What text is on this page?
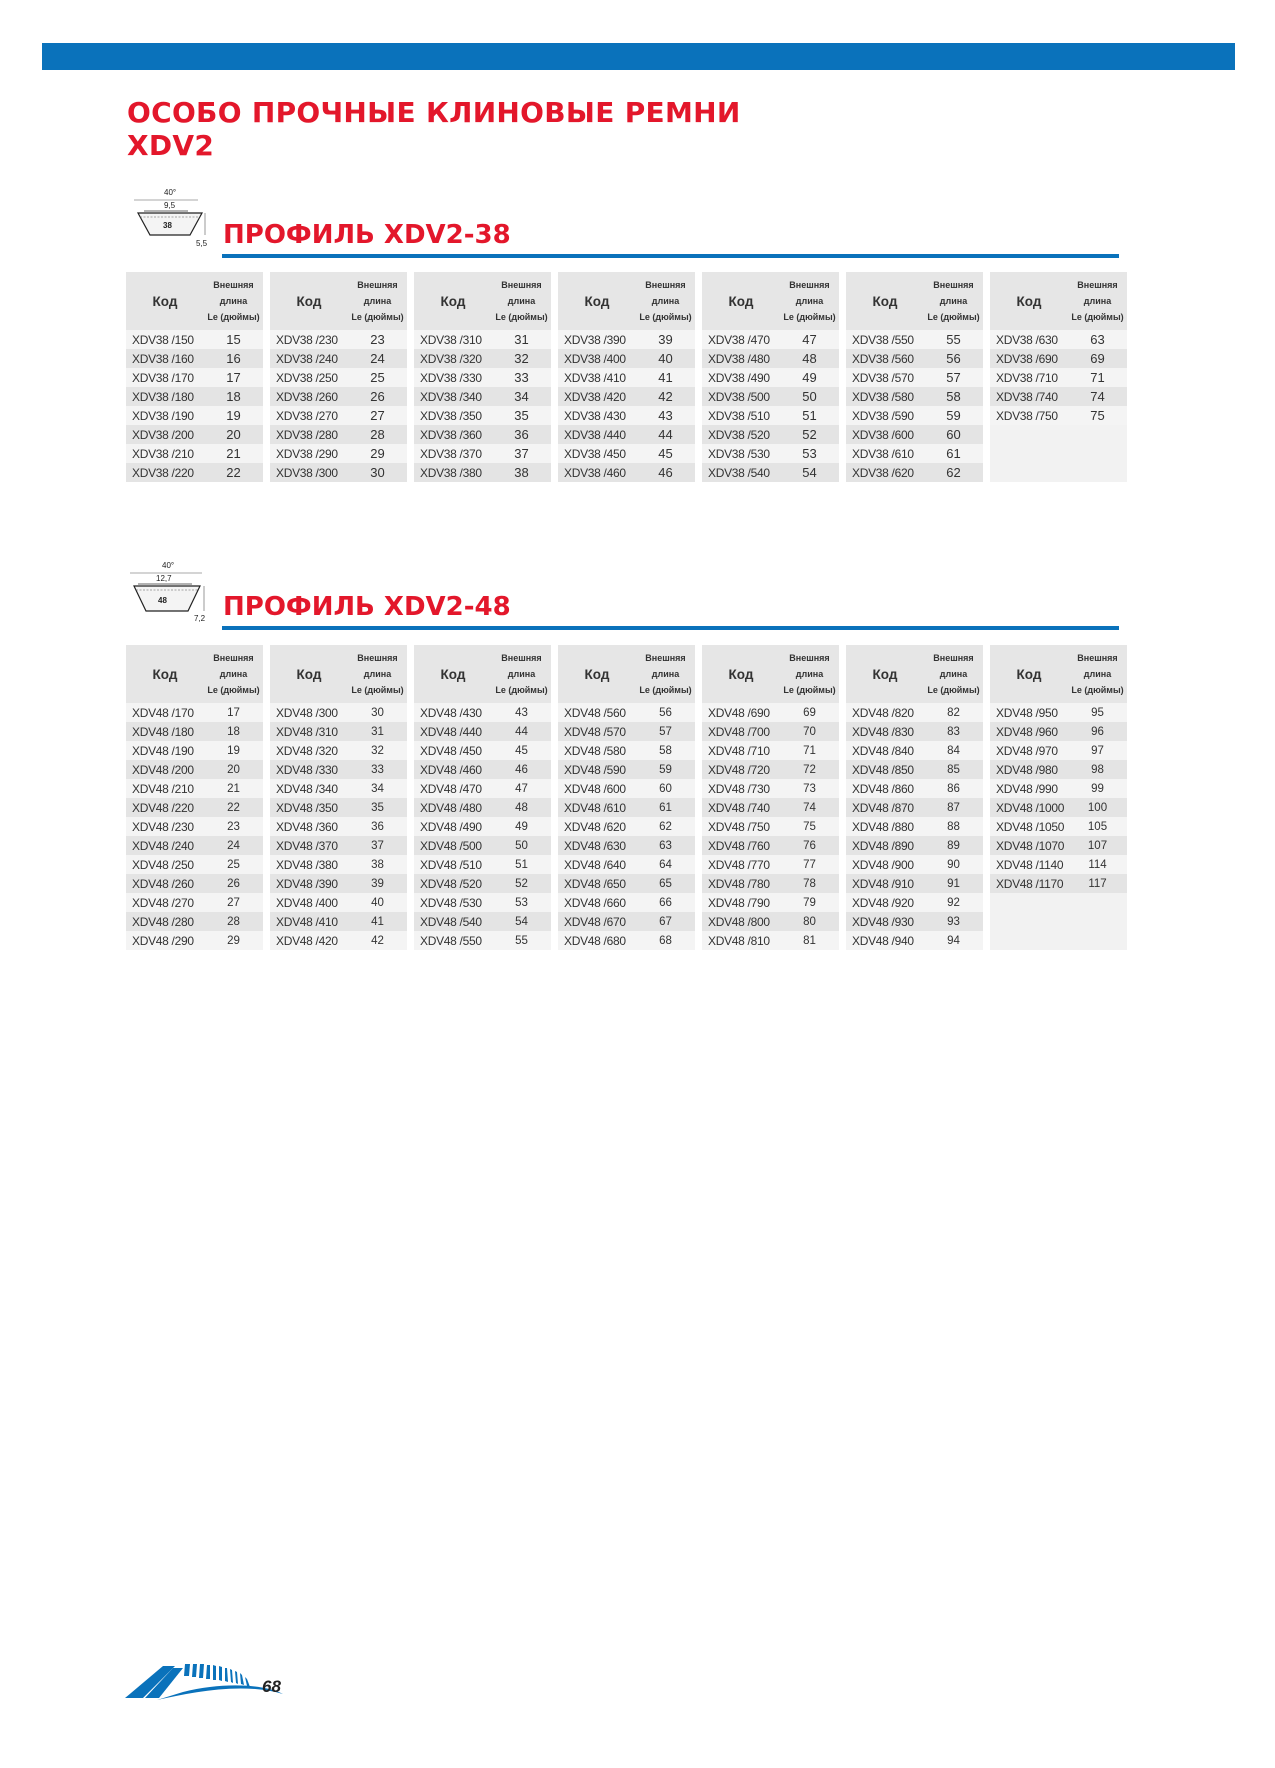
ОСОБО ПРОЧНЫЕ КЛИНОВЫЕ РЕМНИ
XDV2
40°
9,5
38
5,5 ПРОФИЛЬ XDV2-38
Код
Внешняя
длина
Le (дюймы)
XDV38 /150	15
XDV38 /160	16
XDV38 /170	17
XDV38 /180	18
XDV38 /190	19
XDV38 /200	20
XDV38 /210	21
XDV38 /220	22
Код
Внешняя
длина
Le (дюймы)
XDV38 /230	23
XDV38 /240	24
XDV38 /250	25
XDV38 /260	26
XDV38 /270	27
XDV38 /280	28
XDV38 /290	29
XDV38 /300	30
Код
Внешняя
длина
Le (дюймы)
XDV38 /310	31
XDV38 /320	32
XDV38 /330	33
XDV38 /340	34
XDV38 /350	35
XDV38 /360	36
XDV38 /370	37
XDV38 /380	38
Код
Внешняя
длина
Le (дюймы)
XDV38 /390	39
XDV38 /400	40
XDV38 /410	41
XDV38 /420	42
XDV38 /430	43
XDV38 /440	44
XDV38 /450	45
XDV38 /460	46
Код
Внешняя
длина
Le (дюймы)
XDV38 /470	47
XDV38 /480	48
XDV38 /490	49
XDV38 /500	50
XDV38 /510	51
XDV38 /520	52
XDV38 /530	53
XDV38 /540	54
Код
Внешняя
длина
Le (дюймы)
XDV38 /550	55
XDV38 /560	56
XDV38 /570	57
XDV38 /580	58
XDV38 /590	59
XDV38 /600	60
XDV38 /610	61
XDV38 /620	62
Код
Внешняя
длина
Le (дюймы)
XDV38 /630	63
XDV38 /690	69
XDV38 /710	71
XDV38 /740	74
XDV38 /750	75
40°
12,7
48
7,2 ПРОФИЛЬ XDV2-48
Код
Внешняя
длина
Le (дюймы)
XDV48 /170	17
XDV48 /180	18
XDV48 /190	19
XDV48 /200	20
XDV48 /210	21
XDV48 /220	22
XDV48 /230	23
XDV48 /240	24
XDV48 /250	25
XDV48 /260	26
XDV48 /270	27
XDV48 /280	28
XDV48 /290	29
Код
Внешняя
длина
Le (дюймы)
XDV48 /300	30
XDV48 /310	31
XDV48 /320	32
XDV48 /330	33
XDV48 /340	34
XDV48 /350	35
XDV48 /360	36
XDV48 /370	37
XDV48 /380	38
XDV48 /390	39
XDV48 /400	40
XDV48 /410	41
XDV48 /420	42
Код
Внешняя
длина
Le (дюймы)
XDV48 /430	43
XDV48 /440	44
XDV48 /450	45
XDV48 /460	46
XDV48 /470	47
XDV48 /480	48
XDV48 /490	49
XDV48 /500	50
XDV48 /510	51
XDV48 /520	52
XDV48 /530	53
XDV48 /540	54
XDV48 /550	55
Код
Внешняя
длина
Le (дюймы)
XDV48 /560	56
XDV48 /570	57
XDV48 /580	58
XDV48 /590	59
XDV48 /600	60
XDV48 /610	61
XDV48 /620	62
XDV48 /630	63
XDV48 /640	64
XDV48 /650	65
XDV48 /660	66
XDV48 /670	67
XDV48 /680	68
Код
Внешняя
длина
Le (дюймы)
XDV48 /690	69
XDV48 /700	70
XDV48 /710	71
XDV48 /720	72
XDV48 /730	73
XDV48 /740	74
XDV48 /750	75
XDV48 /760	76
XDV48 /770	77
XDV48 /780	78
XDV48 /790	79
XDV48 /800	80
XDV48 /810	81
Код
Внешняя
длина
Le (дюймы)
XDV48 /820	82
XDV48 /830	83
XDV48 /840	84
XDV48 /850	85
XDV48 /860	86
XDV48 /870	87
XDV48 /880	88
XDV48 /890	89
XDV48 /900	90
XDV48 /910	91
XDV48 /920	92
XDV48 /930	93
XDV48 /940	94
Код
Внешняя
длина
Le (дюймы)
XDV48 /950	95
XDV48 /960	96
XDV48 /970	97
XDV48 /980	98
XDV48 /990	99
XDV48 /1000	100
XDV48 /1050	105
XDV48 /1070	107
XDV48 /1140	114
XDV48 /1170	117
68
